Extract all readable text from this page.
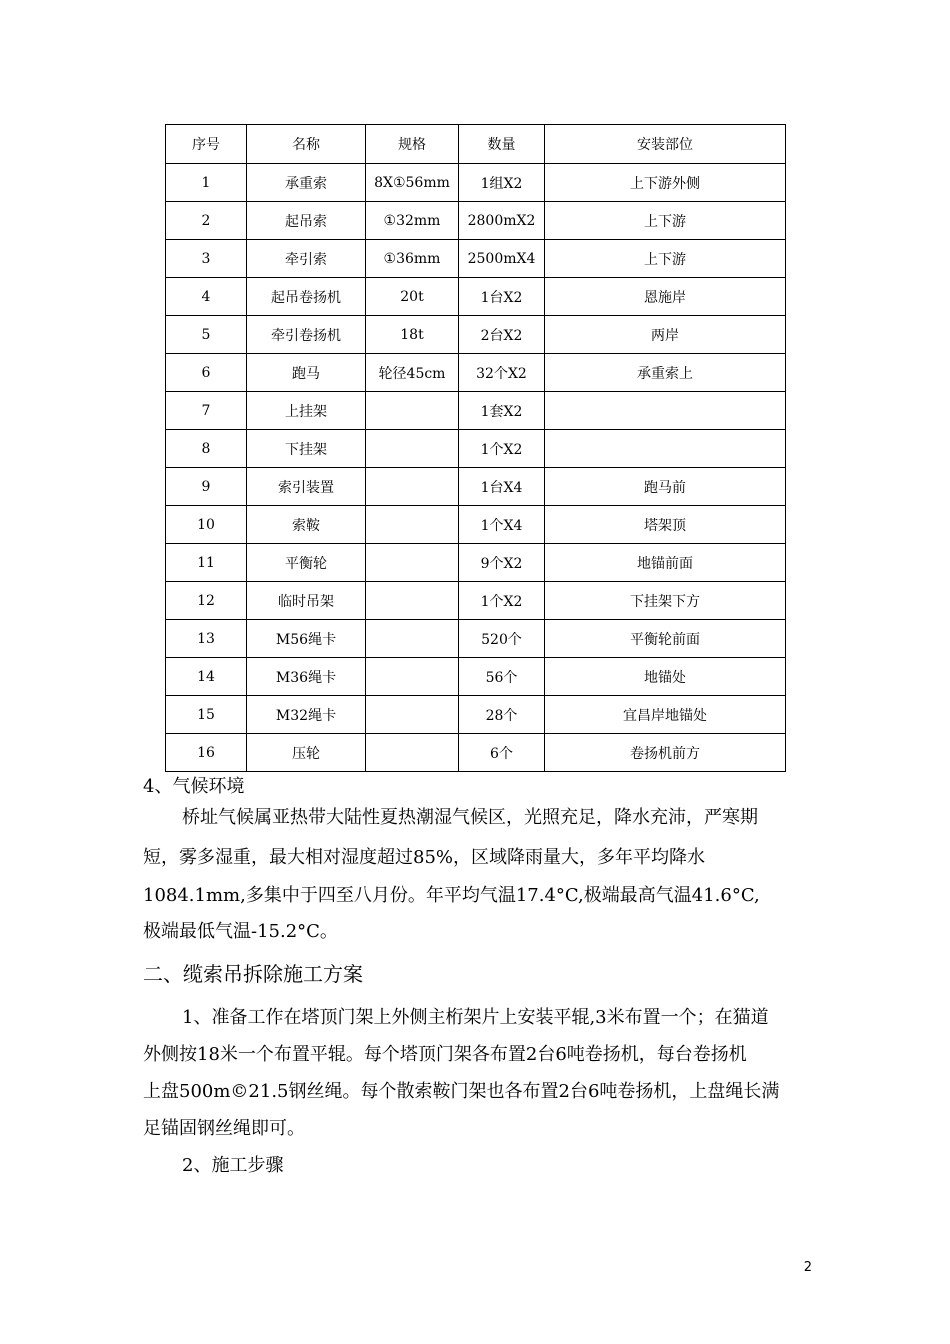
序号	名称	规格	数量	安装部位
1	承重索	8X①56mm	1组X2	上下游外侧
2	起吊索	①32mm	2800mX2	上下游
3	牵引索	①36mm	2500mX4	上下游
4	起吊卷扬机	20t	1台X2	恩施岸
5	牵引卷扬机	18t	2台X2	两岸
6	跑马	轮径45cm	32个X2	承重索上
7	上挂架		1套X2	
8	下挂架		1个X2	
9	索引装置		1台X4	跑马前
10	索鞍		1个X4	塔架顶
11	平衡轮		9个X2	地锚前面
12	临时吊架		1个X2	下挂架下方
13	M56绳卡		520个	平衡轮前面
14	M36绳卡		56个	地锚处
15	M32绳卡		28个	宜昌岸地锚处
16	压轮		6个	卷扬机前方
4、气候环境
桥址气候属亚热带大陆性夏热潮湿气候区，光照充足，降水充沛，严寒期
短，雾多湿重，最大相对湿度超过85%，区域降雨量大，多年平均降水
1084.1mm,多集中于四至八月份。年平均气温17.4°C,极端最高气温41.6°C,
极端最低气温-15.2°C。
二、缆索吊拆除施工方案
1、准备工作在塔顶门架上外侧主桁架片上安装平辊,3米布置一个；在猫道
外侧按18米一个布置平辊。每个塔顶门架各布置2台6吨卷扬机，每台卷扬机
上盘500m©21.5钢丝绳。每个散索鞍门架也各布置2台6吨卷扬机，上盘绳长满
足锚固钢丝绳即可。
2、施工步骤
2
